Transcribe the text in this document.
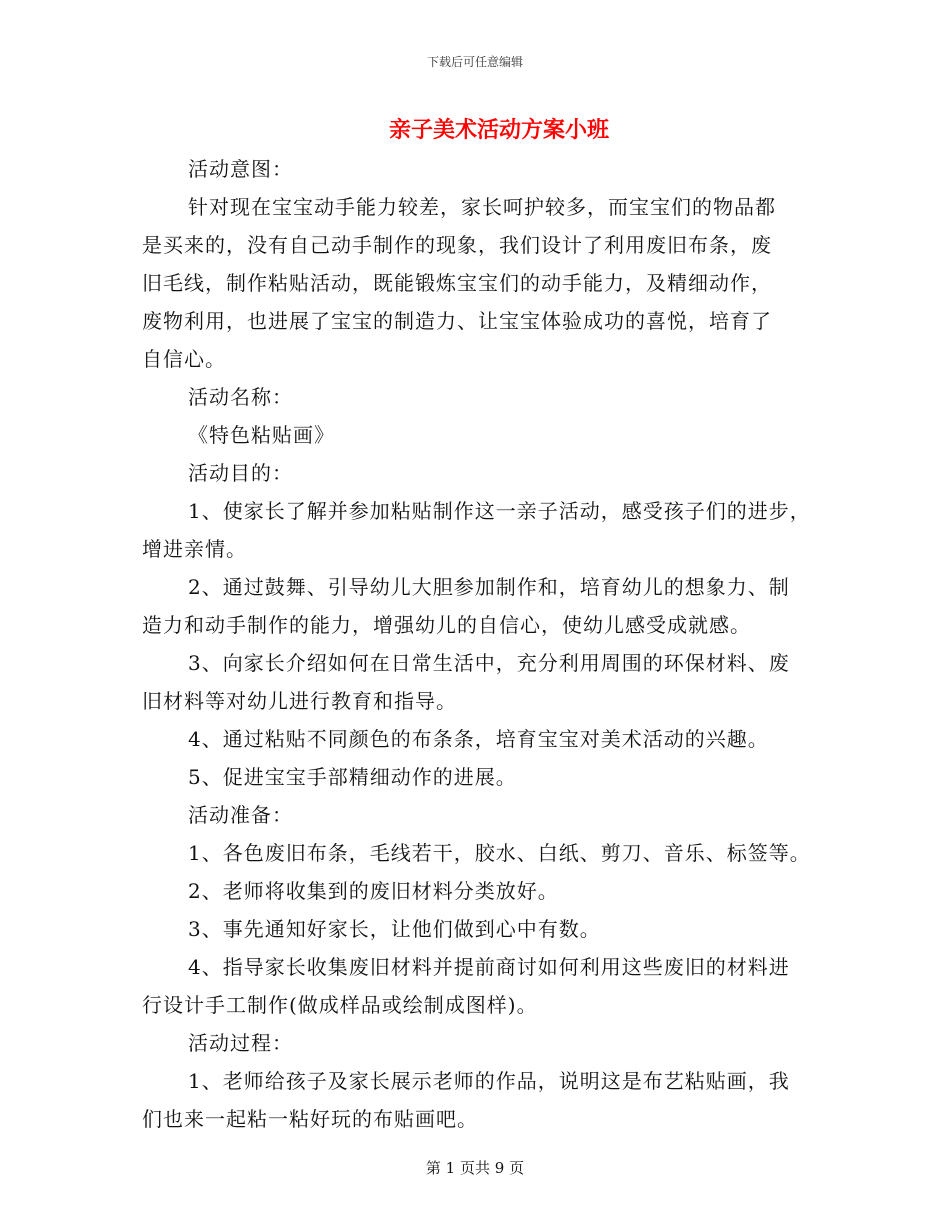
下载后可任意编辑
亲子美术活动方案小班
活动意图：
针对现在宝宝动手能力较差，家长呵护较多，而宝宝们的物品都
是买来的，没有自己动手制作的现象，我们设计了利用废旧布条，废
旧毛线，制作粘贴活动，既能锻炼宝宝们的动手能力，及精细动作，
废物利用，也进展了宝宝的制造力、让宝宝体验成功的喜悦，培育了
自信心。
活动名称：
《特色粘贴画》
活动目的：
1、使家长了解并参加粘贴制作这一亲子活动，感受孩子们的进步，
增进亲情。
2、通过鼓舞、引导幼儿大胆参加制作和，培育幼儿的想象力、制
造力和动手制作的能力，增强幼儿的自信心，使幼儿感受成就感。
3、向家长介绍如何在日常生活中，充分利用周围的环保材料、废
旧材料等对幼儿进行教育和指导。
4、通过粘贴不同颜色的布条条，培育宝宝对美术活动的兴趣。
5、促进宝宝手部精细动作的进展。
活动准备：
1、各色废旧布条，毛线若干，胶水、白纸、剪刀、音乐、标签等。
2、老师将收集到的废旧材料分类放好。
3、事先通知好家长，让他们做到心中有数。
4、指导家长收集废旧材料并提前商讨如何利用这些废旧的材料进
行设计手工制作(做成样品或绘制成图样)。
活动过程：
1、老师给孩子及家长展示老师的作品，说明这是布艺粘贴画，我
们也来一起粘一粘好玩的布贴画吧。
第 1 页共 9 页
